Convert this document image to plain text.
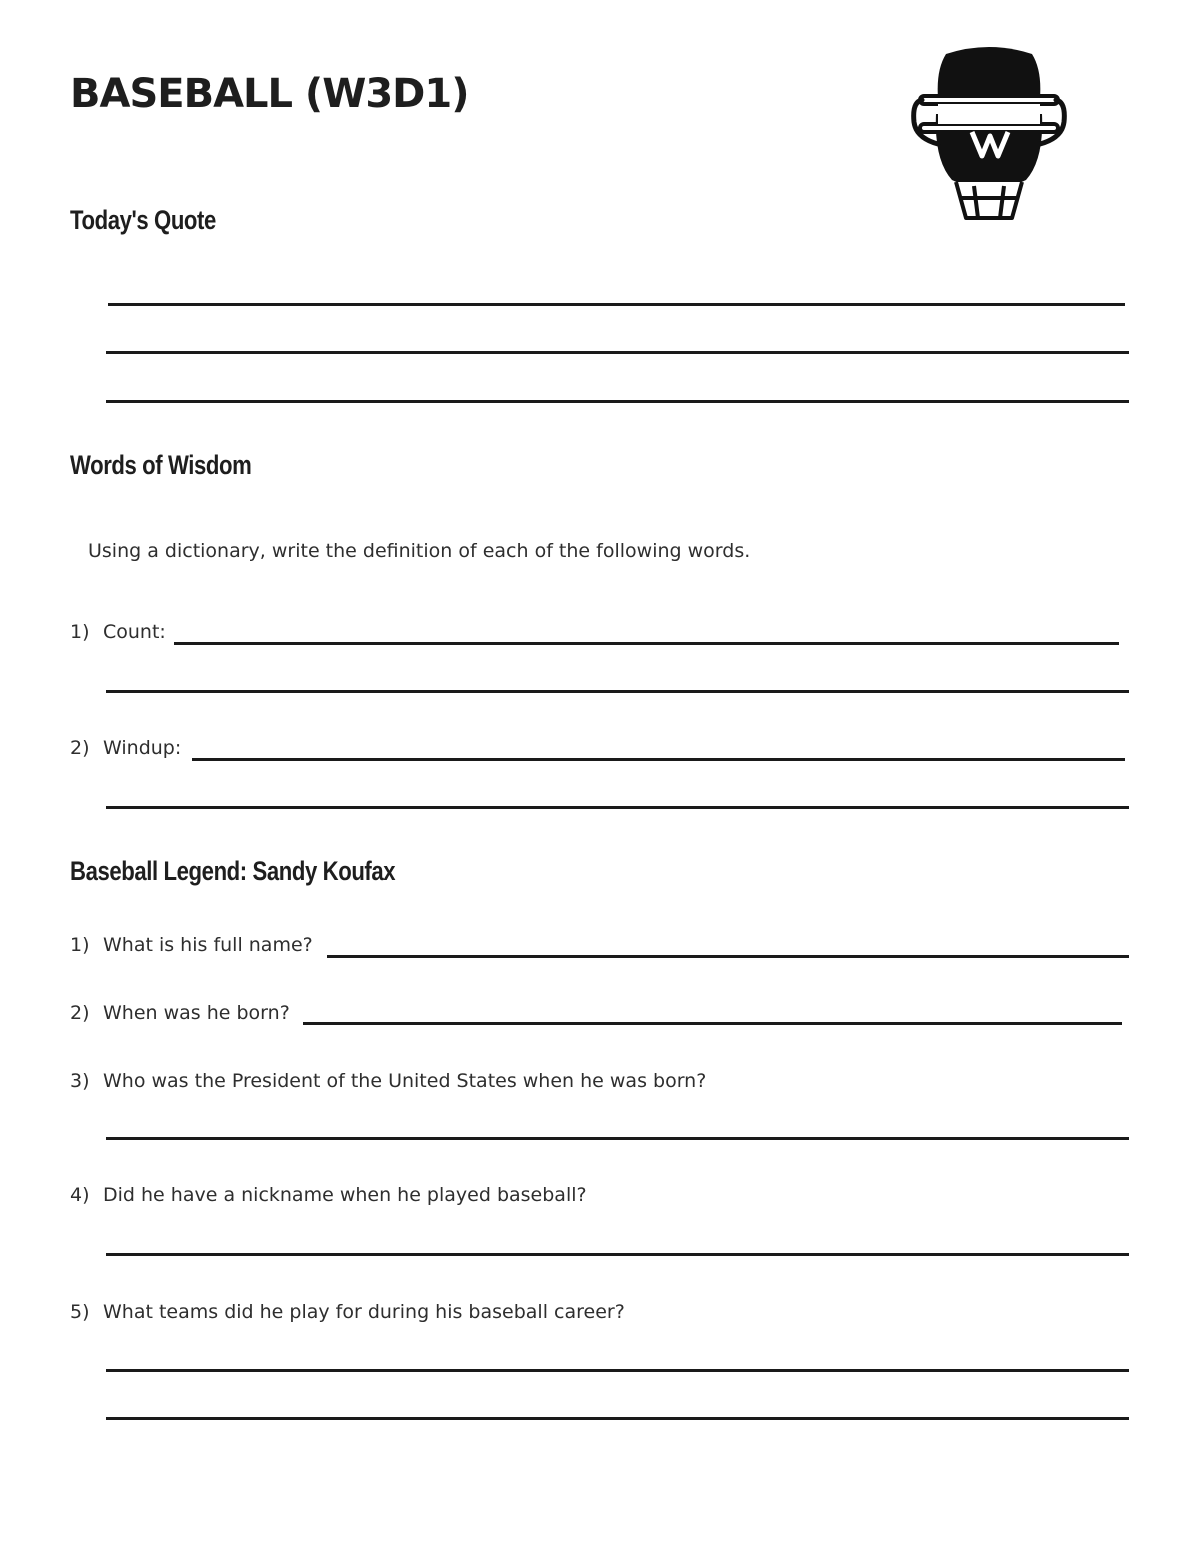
BASEBALL (W3D1)
Today's Quote
Words of Wisdom
Using a dictionary, write the definition of each of the following words.
1) Count:
2) Windup:
Baseball Legend: Sandy Koufax
1) What is his full name?
2) When was he born?
3) Who was the President of the United States when he was born?
4) Did he have a nickname when he played baseball?
5) What teams did he play for during his baseball career?
